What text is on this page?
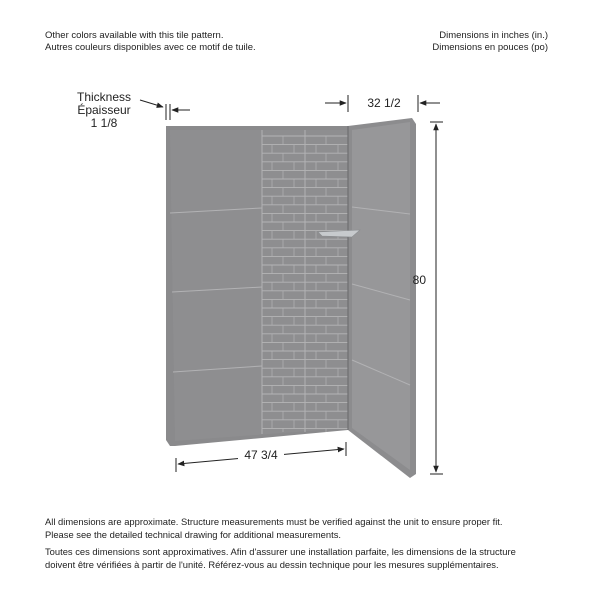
Other colors available with this tile pattern.
Autres couleurs disponibles avec ce motif de tuile.
Dimensions in inches (in.)
Dimensions en pouces (po)
Thickness
Épaisseur
1 1/8
32 1/2
80
47 3/4
All dimensions are approximate. Structure measurements must be verified against the unit to ensure proper fit.
Please see the detailed technical drawing for additional measurements.
Toutes ces dimensions sont approximatives. Afin d'assurer une installation parfaite, les dimensions de la structure
doivent être vérifiées à partir de l'unité. Référez-vous au dessin technique pour les mesures supplémentaires.
